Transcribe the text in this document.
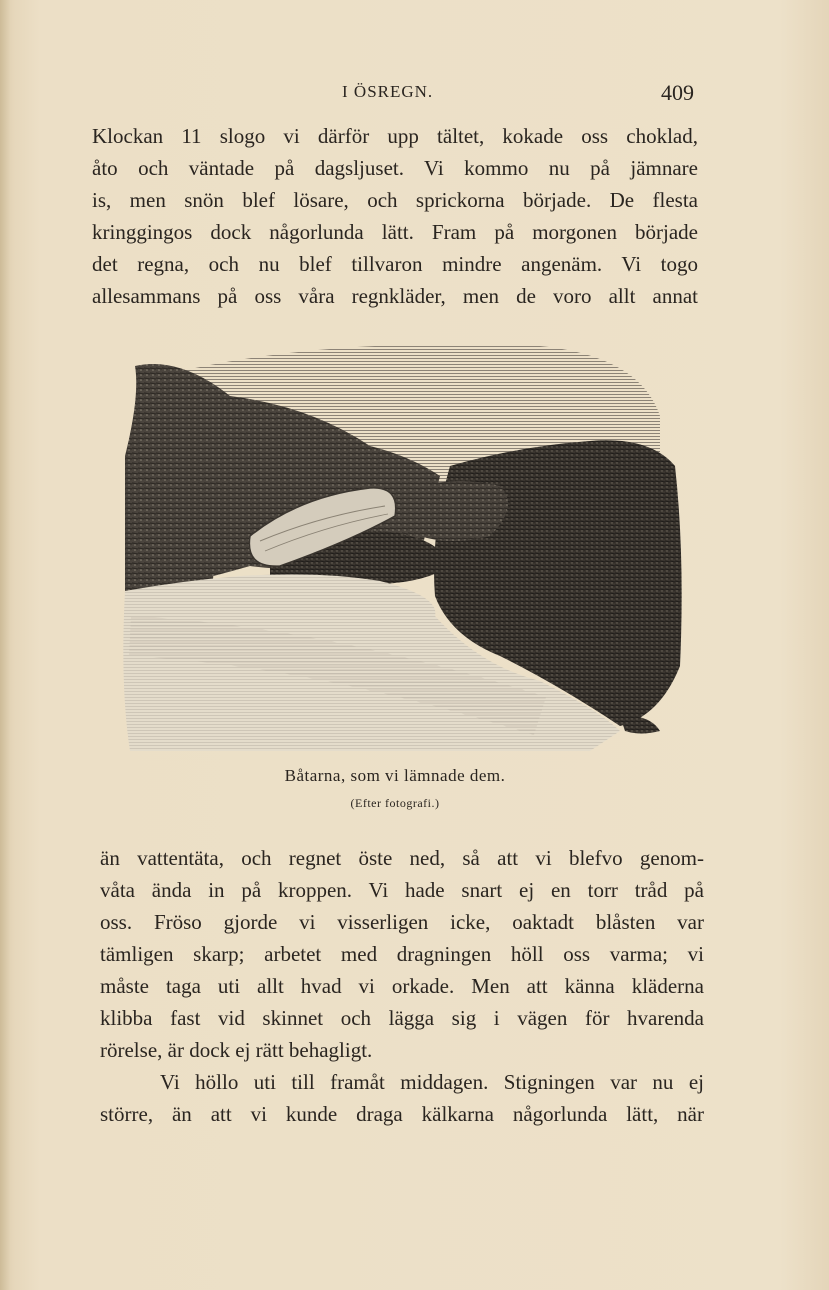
I ÖSREGN.	409
Klockan 11 slogo vi därför upp tältet, kokade oss choklad,
åto och väntade på dagsljuset. Vi kommo nu på jämnare
is, men snön blef lösare, och sprickorna började. De flesta
kringgingos dock någorlunda lätt. Fram på morgonen började
det regna, och nu blef tillvaron mindre angenäm. Vi togo
allesammans på oss våra regnkläder, men de voro allt annat
Båtarna, som vi lämnade dem.
(Efter fotografi.)
än vattentäta, och regnet öste ned, så att vi blefvo genom-
våta ända in på kroppen. Vi hade snart ej en torr tråd på
oss. Fröso gjorde vi visserligen icke, oaktadt blåsten var
tämligen skarp; arbetet med dragningen höll oss varma; vi
måste taga uti allt hvad vi orkade. Men att känna kläderna
klibba fast vid skinnet och lägga sig i vägen för hvarenda
rörelse, är dock ej rätt behagligt.
Vi höllo uti till framåt middagen. Stigningen var nu ej
större, än att vi kunde draga kälkarna någorlunda lätt, när
